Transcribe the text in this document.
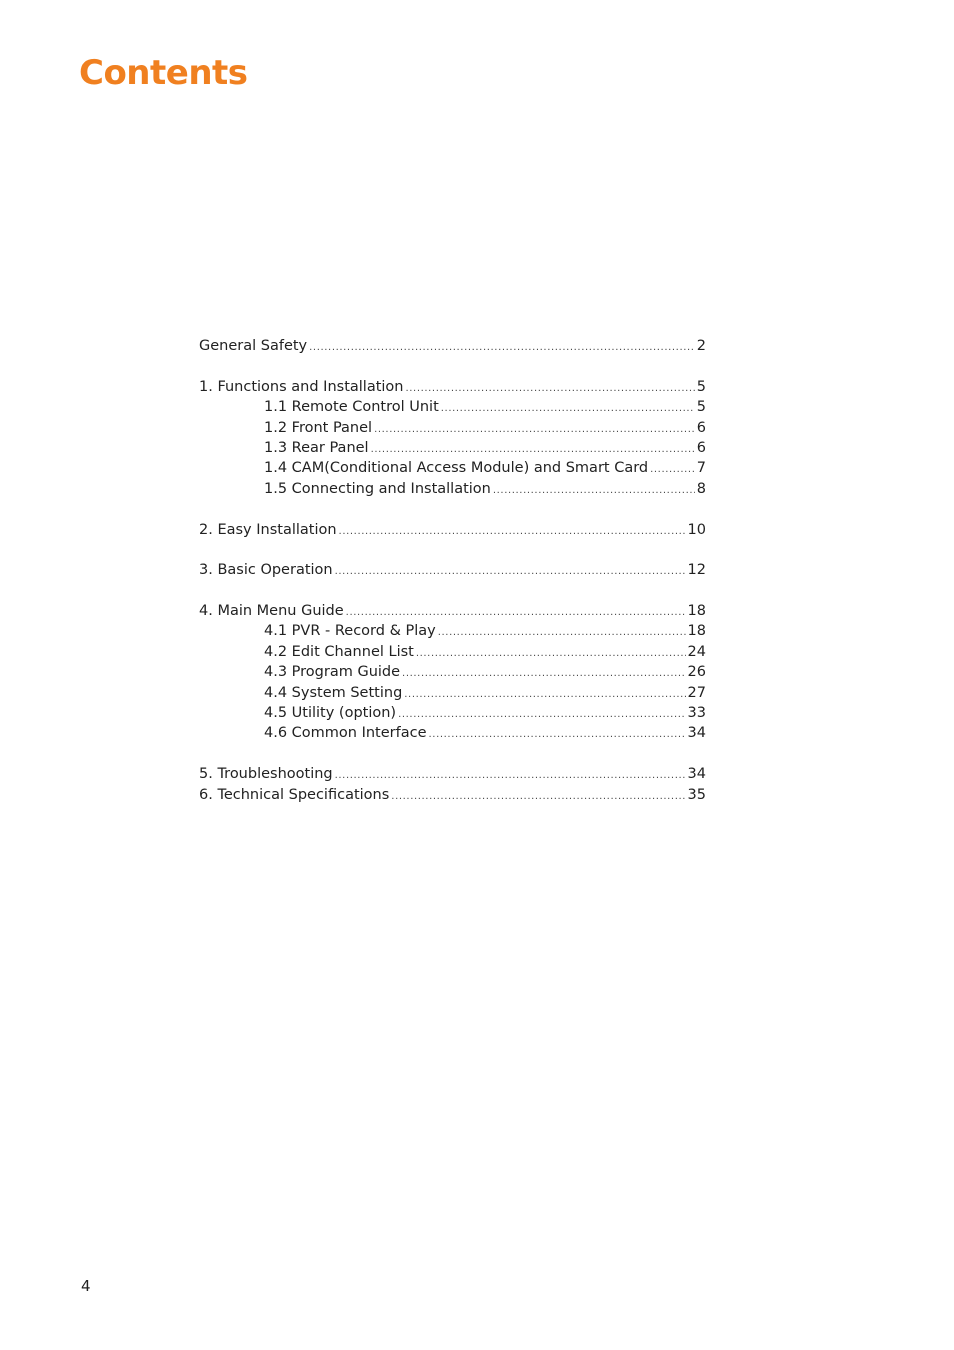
Contents
General Safety .....	2
1. Functions and Installation .....	5
1.1 Remote Control Unit .....	5
1.2 Front Panel .....	6
1.3 Rear Panel .....	6
1.4 CAM(Conditional Access Module) and Smart Card .....	7
1.5 Connecting and Installation .....	8
2. Easy Installation .....	10
3. Basic Operation .....	12
4. Main Menu Guide .....	18
4.1 PVR - Record & Play .....	18
4.2 Edit Channel List .....	24
4.3 Program Guide .....	26
4.4 System Setting .....	27
4.5 Utility (option) .....	33
4.6 Common Interface .....	34
5. Troubleshooting .....	34
6. Technical Specifications .....	35
4
